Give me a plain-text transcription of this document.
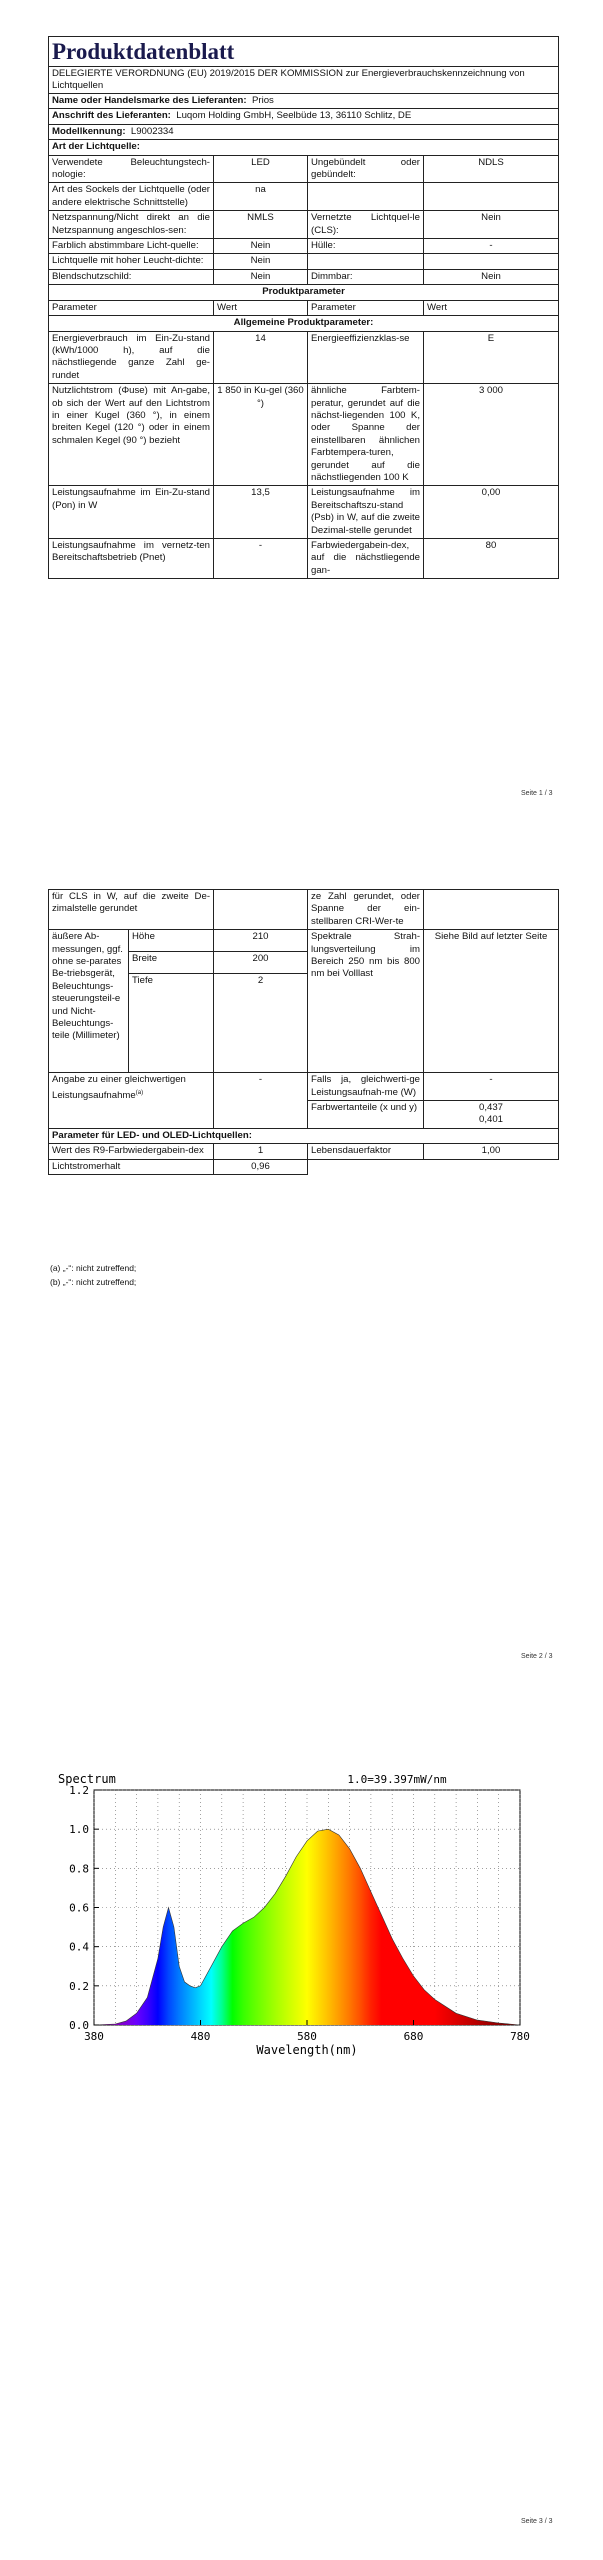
Produktdatenblatt			
DELEGIERTE VERORDNUNG (EU) 2019/2015 DER KOMMISSION zur Energieverbrauchskennzeichnung von Lichtquellen			
Name oder Handelsmarke des Lieferanten: Prios			
Anschrift des Lieferanten: Luqom Holding GmbH, Seelbüde 13, 36110 Schlitz, DE			
Modellkennung: L9002334			
Art der Lichtquelle:			
Verwendete Beleuchtungstech-nologie:	LED	Ungebündelt oder gebündelt:	NDLS
Art des Sockels der Lichtquelle (oder andere elektrische Schnittstelle)	na		
Netzspannung/Nicht direkt an die Netzspannung angeschlos-sen:	NMLS	Vernetzte Lichtquel-le (CLS):	Nein
Farblich abstimmbare Licht-quelle:	Nein	Hülle:	-
Lichtquelle mit hoher Leucht-dichte:	Nein		
Blendschutzschild:	Nein	Dimmbar:	Nein
Produktparameter			
Parameter	Wert	Parameter	Wert
Allgemeine Produktparameter:			
Energieverbrauch im Ein-Zu-stand (kWh/1000 h), auf die nächstliegende ganze Zahl ge-rundet	14	Energieeffizienzklas-se	E
Nutzlichtstrom (Φuse) mit An-gabe, ob sich der Wert auf den Lichtstrom in einer Kugel (360 °), in einem breiten Kegel (120 °) oder in einem schmalen Kegel (90 °) bezieht	1 850 in Ku-gel (360 °)	ähnliche Farbtem-peratur, gerundet auf die nächst-liegenden 100 K, oder Spanne der einstellbaren ähnlichen Farbtempera-turen, gerundet auf die nächstliegenden 100 K	3 000
Leistungsaufnahme im Ein-Zu-stand (Pon) in W	13,5	Leistungsaufnahme im Bereitschaftszu-stand (Psb) in W, auf die zweite Dezimal-stelle gerundet	0,00
Leistungsaufnahme im vernetz-ten Bereitschaftsbetrieb (Pnet)	-	Farbwiedergabein-dex, auf die nächstliegende gan-	80
Seite 1 / 3
für CLS in W, auf die zweite De-zimalstelle gerundet			ze Zahl gerundet, oder Spanne der ein-stellbaren CRI-Wer-te	
äußere Ab-messungen, ggf. ohne se-parates Be-triebsgerät, Beleuchtungs-steuerungsteil-e und Nicht-Beleuchtungs-teile (Millimeter)	Höhe	210	Spektrale Strah-lungsverteilung im Bereich 250 nm bis 800 nm bei Volllast	Siehe Bild auf letzter Seite
	Breite	200		
	Tiefe	2		
Angabe zu einer gleichwertigen Leistungsaufnahme$^{(a)}$		-	Falls ja, gleichwerti-ge Leistungsaufnah-me (W)	-
			Farbwertanteile (x und y)	0,437
0,401

Parameter für LED- und OLED-Lichtquellen:				
Wert des R9-Farbwiedergabein-dex		1	Lebensdauerfaktor	1,00
Lichtstromerhalt		0,96		
(a) „-“: nicht zutreffend;
(b) „-“: nicht zutreffend;
Seite 2 / 3
Seite 3 / 3
0.0
0.2
0.4
0.6
0.8
1.0
1.2
380	480	580	680	780
Spectrum	1.0=39.397mW/nm
Wavelength(nm)
